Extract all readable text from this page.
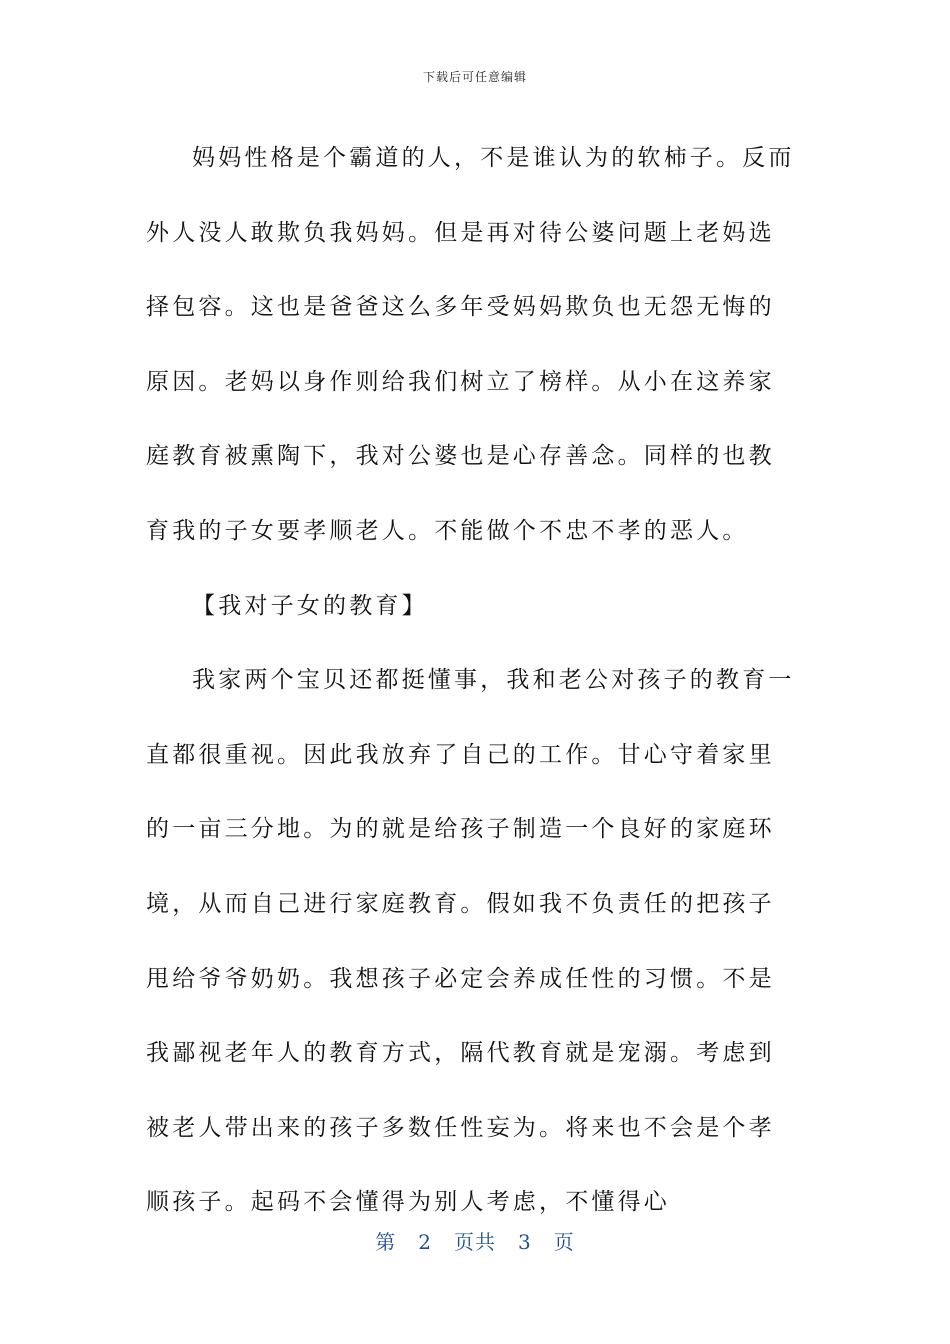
下载后可任意编辑

妈妈性格是个霸道的人，不是谁认为的软柿子。反而外人没人敢欺负我妈妈。但是再对待公婆问题上老妈选择包容。这也是爸爸这么多年受妈妈欺负也无怨无悔的原因。老妈以身作则给我们树立了榜样。从小在这养家庭教育被熏陶下，我对公婆也是心存善念。同样的也教育我的子女要孝顺老人。不能做个不忠不孝的恶人。

【我对子女的教育】

我家两个宝贝还都挺懂事，我和老公对孩子的教育一直都很重视。因此我放弃了自己的工作。甘心守着家里的一亩三分地。为的就是给孩子制造一个良好的家庭环境，从而自己进行家庭教育。假如我不负责任的把孩子甩给爷爷奶奶。我想孩子必定会养成任性的习惯。不是我鄙视老年人的教育方式，隔代教育就是宠溺。考虑到被老人带出来的孩子多数任性妄为。将来也不会是个孝顺孩子。起码不会懂得为别人考虑，不懂得心

第 2 页共 3 页
